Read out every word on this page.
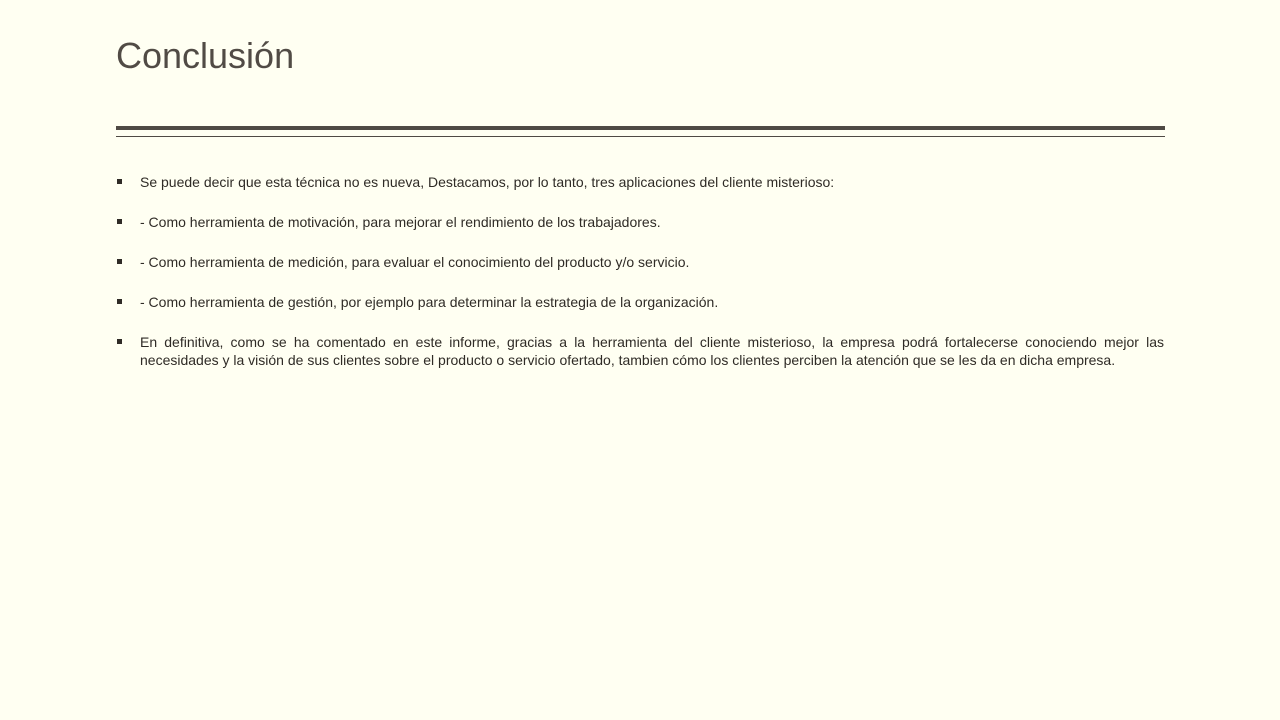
Conclusión
Se puede decir que esta técnica no es nueva, Destacamos, por lo tanto, tres aplicaciones del cliente misterioso:
- Como herramienta de motivación, para mejorar el rendimiento de los trabajadores.
- Como herramienta de medición, para evaluar el conocimiento del producto y/o servicio.
- Como herramienta de gestión, por ejemplo para determinar la estrategia de la organización.
En definitiva, como se ha comentado en este informe, gracias a la herramienta del cliente misterioso, la empresa podrá fortalecerse conociendo mejor las necesidades y la visión de sus clientes sobre el producto o servicio ofertado, tambien cómo los clientes perciben la atención que se les da en dicha empresa.
